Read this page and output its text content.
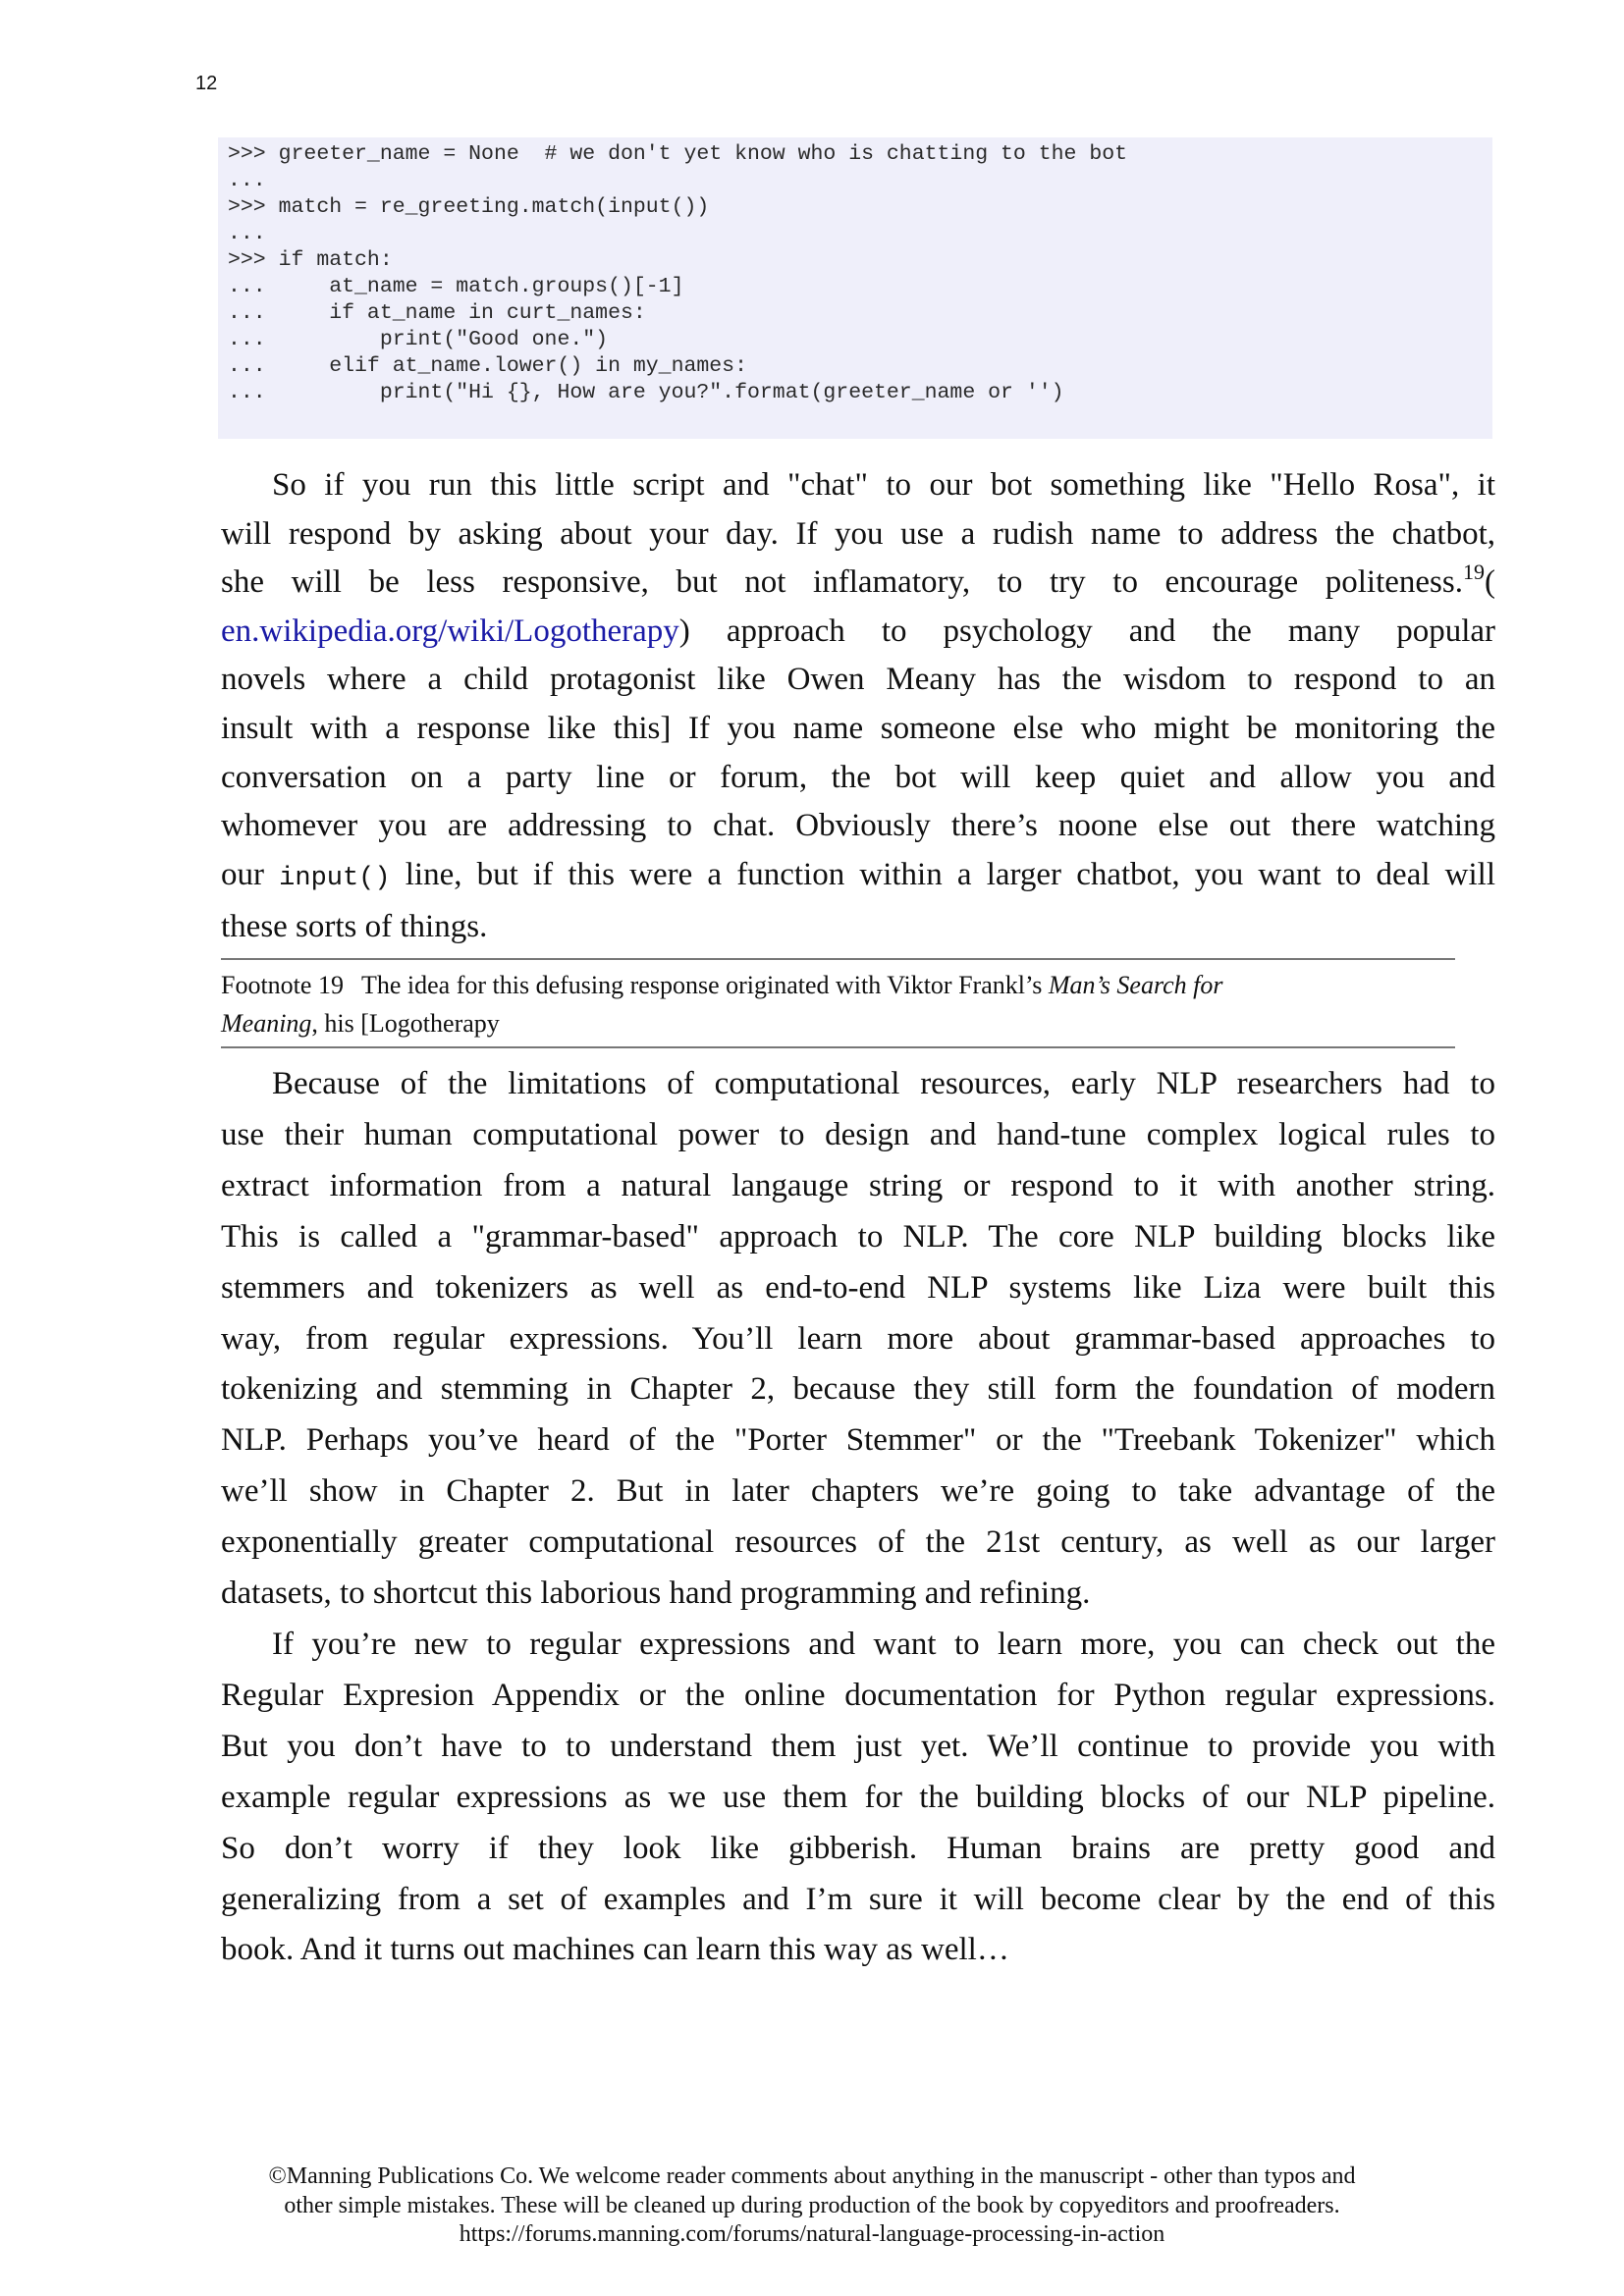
12
>>> greeter_name = None  # we don't yet know who is chatting to the bot
...
>>> match = re_greeting.match(input())
...
>>> if match:
...     at_name = match.groups()[-1]
...     if at_name in curt_names:
...         print("Good one.")
...     elif at_name.lower() in my_names:
...         print("Hi {}, How are you?".format(greeter_name or '')
So if you run this little script and "chat" to our bot something like "Hello Rosa", it
will respond by asking about your day. If you use a rudish name to address the chatbot,
she will be less responsive, but not inflamatory, to try to encourage politeness.$^{19}$(
en.wikipedia.org/wiki/Logotherapy) approach to psychology and the many popular
novels where a child protagonist like Owen Meany has the wisdom to respond to an
insult with a response like this] If you name someone else who might be monitoring the
conversation on a party line or forum, the bot will keep quiet and allow you and
whomever you are addressing to chat. Obviously there’s noone else out there watching
our input() line, but if this were a function within a larger chatbot, you want to deal will
these sorts of things.
Footnote 19 The idea for this defusing response originated with Viktor Frankl’s Man’s Search for
Meaning, his [Logotherapy
Because of the limitations of computational resources, early NLP researchers had to
use their human computational power to design and hand-tune complex logical rules to
extract information from a natural langauge string or respond to it with another string.
This is called a "grammar-based" approach to NLP. The core NLP building blocks like
stemmers and tokenizers as well as end-to-end NLP systems like Liza were built this
way, from regular expressions. You’ll learn more about grammar-based approaches to
tokenizing and stemming in Chapter 2, because they still form the foundation of modern
NLP. Perhaps you’ve heard of the "Porter Stemmer" or the "Treebank Tokenizer" which
we’ll show in Chapter 2. But in later chapters we’re going to take advantage of the
exponentially greater computational resources of the 21st century, as well as our larger
datasets, to shortcut this laborious hand programming and refining.
If you’re new to regular expressions and want to learn more, you can check out the
Regular Expresion Appendix or the online documentation for Python regular expressions.
But you don’t have to to understand them just yet. We’ll continue to provide you with
example regular expressions as we use them for the building blocks of our NLP pipeline.
So don’t worry if they look like gibberish. Human brains are pretty good and
generalizing from a set of examples and I’m sure it will become clear by the end of this
book. And it turns out machines can learn this way as well…
©Manning Publications Co. We welcome reader comments about anything in the manuscript - other than typos and
other simple mistakes. These will be cleaned up during production of the book by copyeditors and proofreaders.
https://forums.manning.com/forums/natural-language-processing-in-action
